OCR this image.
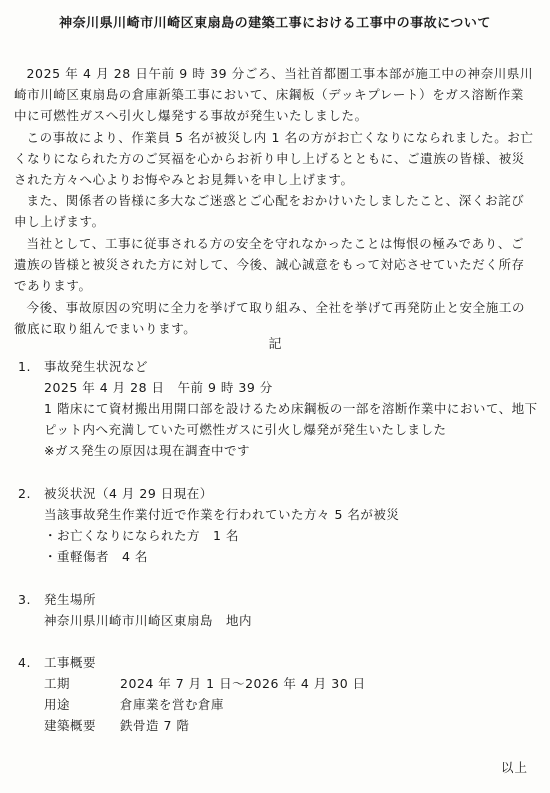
神奈川県川崎市川崎区東扇島の建築工事における工事中の事故について

2025 年 4 月 28 日午前 9 時 39 分ごろ、当社首都圏工事本部が施工中の神奈川県川崎市川崎区東扇島の倉庫新築工事において、床鋼板（デッキプレート）をガス溶断作業中に可燃性ガスへ引火し爆発する事故が発生いたしました。

この事故により、作業員 5 名が被災し内 1 名の方がお亡くなりになられました。お亡くなりになられた方のご冥福を心からお祈り申し上げるとともに、ご遺族の皆様、被災された方々へ心よりお悔やみとお見舞いを申し上げます。

また、関係者の皆様に多大なご迷惑とご心配をおかけいたしましたこと、深くお詫び申し上げます。

当社として、工事に従事される方の安全を守れなかったことは悔恨の極みであり、ご遺族の皆様と被災された方に対して、今後、誠心誠意をもって対応させていただく所存であります。

今後、事故原因の究明に全力を挙げて取り組み、全社を挙げて再発防止と安全施工の徹底に取り組んでまいります。

記
1.	事故発生状況など
2025 年 4 月 28 日　午前 9 時 39 分
1 階床にて資材搬出用開口部を設けるため床鋼板の一部を溶断作業中において、地下ピット内へ充満していた可燃性ガスに引火し爆発が発生いたしました
※ガス発生の原因は現在調査中です
2.	被災状況（4 月 29 日現在）
当該事故発生作業付近で作業を行われていた方々 5 名が被災
・お亡くなりになられた方　1 名
・重軽傷者　4 名
3.	発生場所
神奈川県川崎市川崎区東扇島　地内
4.	工事概要
工期	2024 年 7 月 1 日～2026 年 4 月 30 日
用途	倉庫業を営む倉庫
建築概要	鉄骨造 7 階
以上
